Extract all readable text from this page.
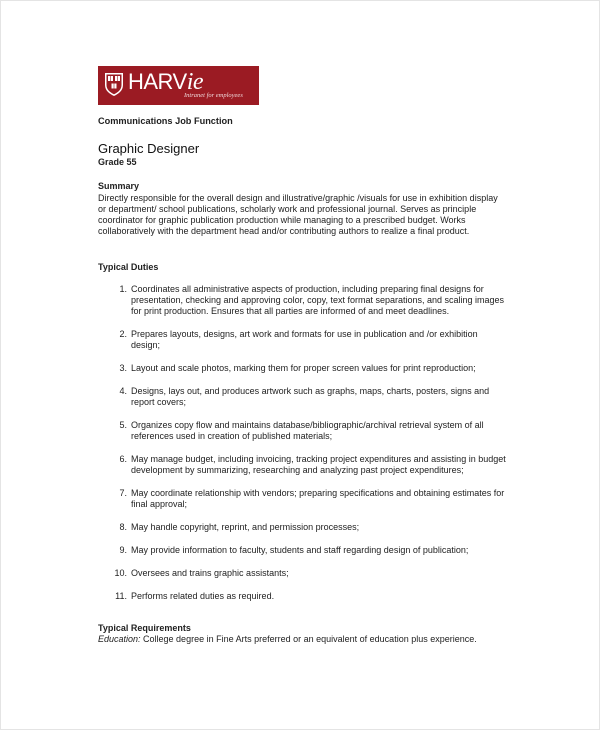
HARVie
Intranet for employees

Communications Job Function

Graphic Designer

Grade 55

Summary

Directly responsible for the overall design and illustrative/graphic /visuals for use in exhibition display or department/ school publications, scholarly work and professional journal. Serves as principle coordinator for graphic publication production while managing to a prescribed budget. Works collaboratively with the department head and/or contributing authors to realize a final product.

Typical Duties

1. Coordinates all administrative aspects of production, including preparing final designs for presentation, checking and approving color, copy, text format separations, and scaling images for print production. Ensures that all parties are informed of and meet deadlines.
2. Prepares layouts, designs, art work and formats for use in publication and /or exhibition design;
3. Layout and scale photos, marking them for proper screen values for print reproduction;
4. Designs, lays out, and produces artwork such as graphs, maps, charts, posters, signs and report covers;
5. Organizes copy flow and maintains database/bibliographic/archival retrieval system of all references used in creation of published materials;
6. May manage budget, including invoicing, tracking project expenditures and assisting in budget development by summarizing, researching and analyzing past project expenditures;
7. May coordinate relationship with vendors; preparing specifications and obtaining estimates for final approval;
8. May handle copyright, reprint, and permission processes;
9. May provide information to faculty, students and staff regarding design of publication;
10. Oversees and trains graphic assistants;
11. Performs related duties as required.

Typical Requirements

Education: College degree in Fine Arts preferred or an equivalent of education plus experience.
